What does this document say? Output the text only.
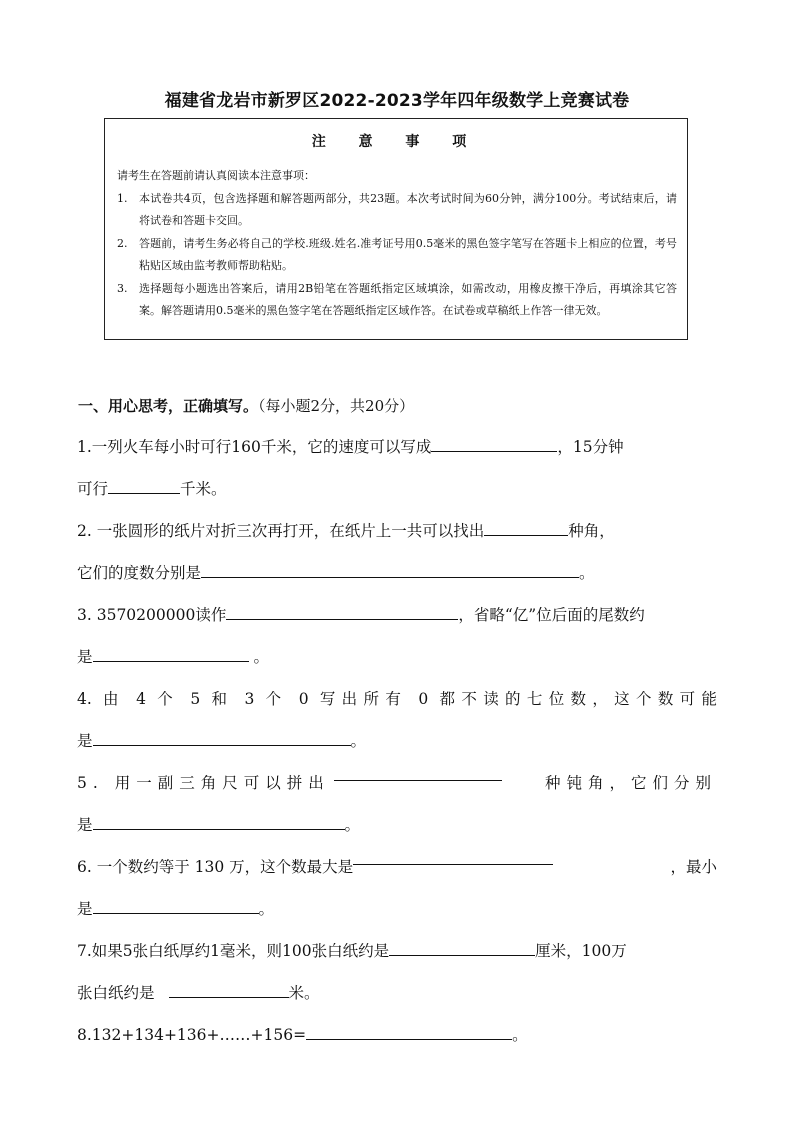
福建省龙岩市新罗区2022-2023学年四年级数学上竞赛试卷
注 意 事 项

请考生在答题前请认真阅读本注意事项：

1. 本试卷共4页，包含选择题和解答题两部分，共23题。本次考试时间为60分钟，满分100分。考试结束后，请将试卷和答题卡交回。
2. 答题前，请考生务必将自己的学校.班级.姓名.准考证号用0.5毫米的黑色签字笔写在答题卡上相应的位置，考号粘贴区域由监考教师帮助粘贴。
3. 选择题每小题选出答案后，请用2B铅笔在答题纸指定区域填涂，如需改动，用橡皮擦干净后，再填涂其它答案。解答题请用0.5毫米的黑色签字笔在答题纸指定区域作答。在试卷或草稿纸上作答一律无效。
一、用心思考，正确填写。（每小题2分，共20分）
1.一列火车每小时可行160千米，它的速度可以写成	，15分钟
可行	千米。
2. 一张圆形的纸片对折三次再打开，在纸片上一共可以找出	种角，
它们的度数分别是	。
3. 3570200000读作	，省略“亿”位后面的尾数约
是	。
4. 由 4 个 5 和 3 个 0 写出所有 0 都不读的七位数，这个数可能
是	。
5. 用一副三角尺可以拼出	种钝角，它们分别
是	。
6. 一个数约等于 130 万，这个数最大是	，最小
是	。
7.如果5张白纸厚约1毫米，则100张白纸约是	厘米，100万
张白纸约是	米。
8.132+134+136+……+156=	。
